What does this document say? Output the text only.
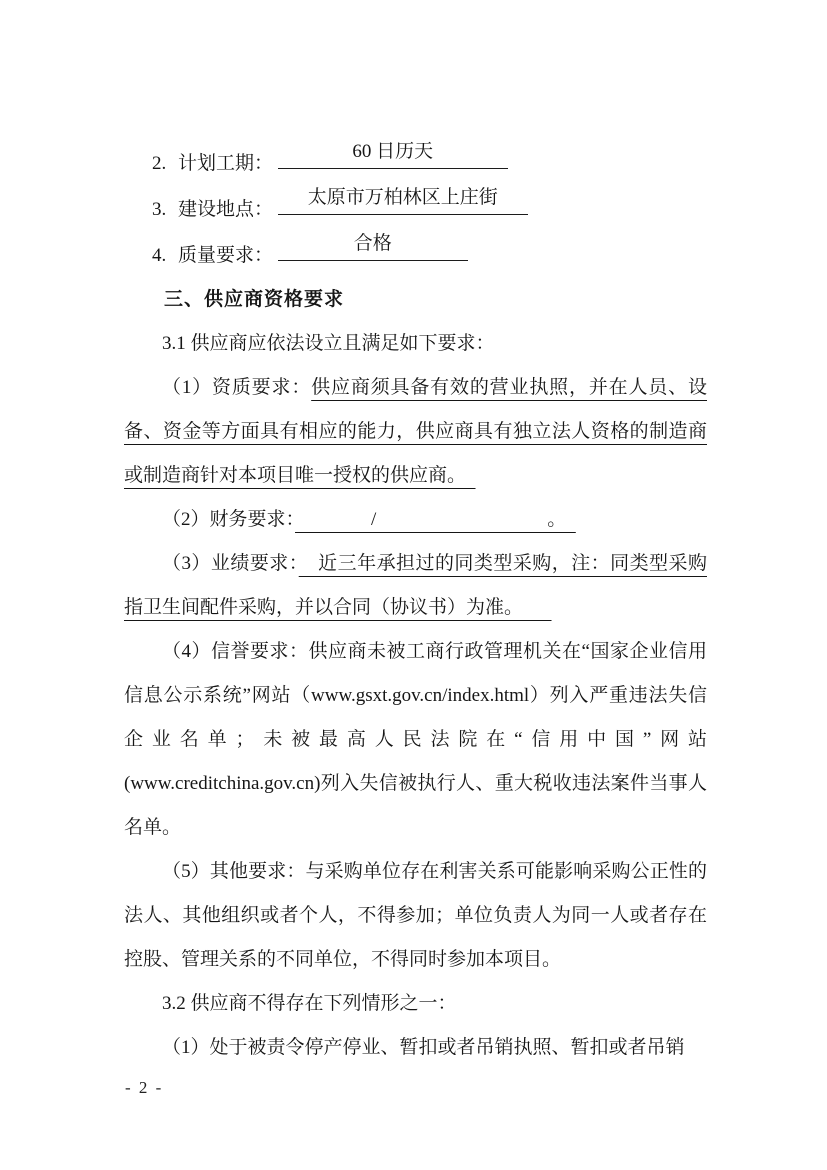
2. 计划工期： 60 日历天
3. 建设地点： 太原市万柏林区上庄街
4. 质量要求： 合格
三、供应商资格要求
3.1 供应商应依法设立且满足如下要求：
（1）资质要求：供应商须具备有效的营业执照，并在人员、设备、资金等方面具有相应的能力，供应商具有独立法人资格的制造商或制造商针对本项目唯一授权的供应商。　
（2）财务要求：　　　　/　　　　　　　　　。　
（3）业绩要求：　近三年承担过的同类型采购，注：同类型采购指卫生间配件采购，并以合同（协议书）为准。　　
（4）信誉要求：供应商未被工商行政管理机关在“国家企业信用信息公示系统”网站（www.gsxt.gov.cn/index.html）列入严重违法失信企业名单；未被最高人民法院在“信用中国”网站(www.creditchina.gov.cn)列入失信被执行人、重大税收违法案件当事人名单。
（5）其他要求：与采购单位存在利害关系可能影响采购公正性的法人、其他组织或者个人，不得参加；单位负责人为同一人或者存在控股、管理关系的不同单位，不得同时参加本项目。
3.2 供应商不得存在下列情形之一：
（1）处于被责令停产停业、暂扣或者吊销执照、暂扣或者吊销
- 2 -
